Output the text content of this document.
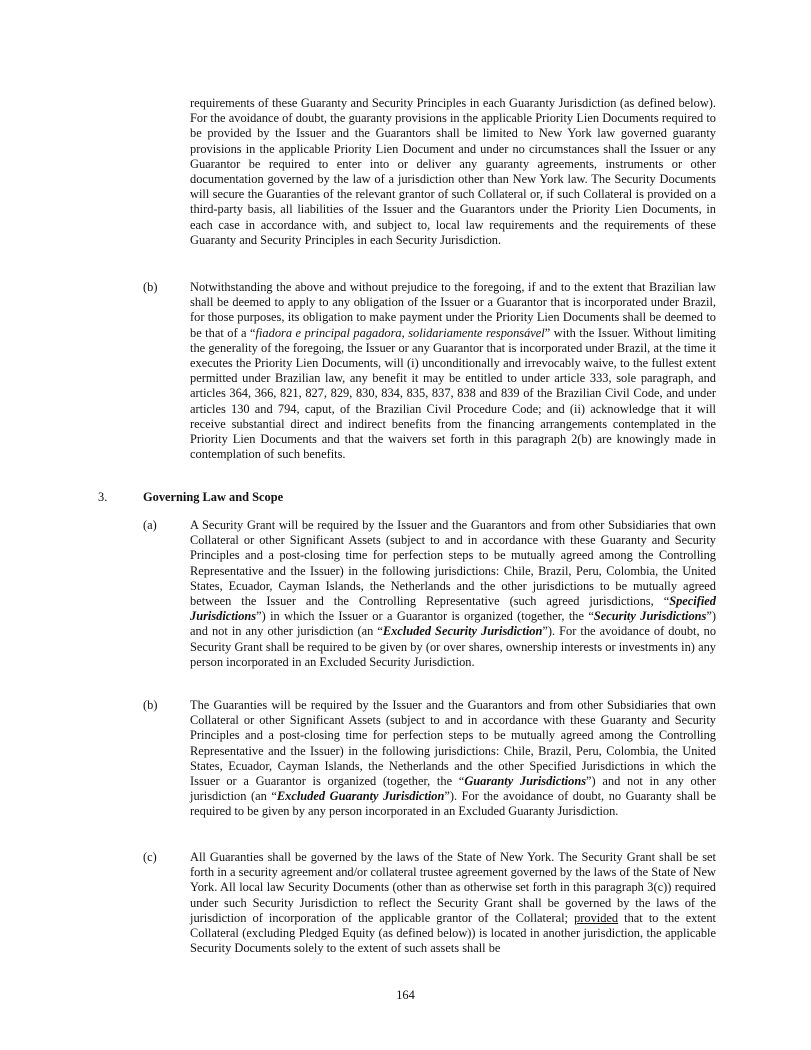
requirements of these Guaranty and Security Principles in each Guaranty Jurisdiction (as defined below). For the avoidance of doubt, the guaranty provisions in the applicable Priority Lien Documents required to be provided by the Issuer and the Guarantors shall be limited to New York law governed guaranty provisions in the applicable Priority Lien Document and under no circumstances shall the Issuer or any Guarantor be required to enter into or deliver any guaranty agreements, instruments or other documentation governed by the law of a jurisdiction other than New York law. The Security Documents will secure the Guaranties of the relevant grantor of such Collateral or, if such Collateral is provided on a third-party basis, all liabilities of the Issuer and the Guarantors under the Priority Lien Documents, in each case in accordance with, and subject to, local law requirements and the requirements of these Guaranty and Security Principles in each Security Jurisdiction.

(b)	Notwithstanding the above and without prejudice to the foregoing, if and to the extent that Brazilian law shall be deemed to apply to any obligation of the Issuer or a Guarantor that is incorporated under Brazil, for those purposes, its obligation to make payment under the Priority Lien Documents shall be deemed to be that of a “fiadora e principal pagadora, solidariamente responsável” with the Issuer. Without limiting the generality of the foregoing, the Issuer or any Guarantor that is incorporated under Brazil, at the time it executes the Priority Lien Documents, will (i) unconditionally and irrevocably waive, to the fullest extent permitted under Brazilian law, any benefit it may be entitled to under article 333, sole paragraph, and articles 364, 366, 821, 827, 829, 830, 834, 835, 837, 838 and 839 of the Brazilian Civil Code, and under articles 130 and 794, caput, of the Brazilian Civil Procedure Code; and (ii) acknowledge that it will receive substantial direct and indirect benefits from the financing arrangements contemplated in the Priority Lien Documents and that the waivers set forth in this paragraph 2(b) are knowingly made in contemplation of such benefits.

3.	Governing Law and Scope

(a)	A Security Grant will be required by the Issuer and the Guarantors and from other Subsidiaries that own Collateral or other Significant Assets (subject to and in accordance with these Guaranty and Security Principles and a post-closing time for perfection steps to be mutually agreed among the Controlling Representative and the Issuer) in the following jurisdictions: Chile, Brazil, Peru, Colombia, the United States, Ecuador, Cayman Islands, the Netherlands and the other jurisdictions to be mutually agreed between the Issuer and the Controlling Representative (such agreed jurisdictions, “Specified Jurisdictions”) in which the Issuer or a Guarantor is organized (together, the “Security Jurisdictions”) and not in any other jurisdiction (an “Excluded Security Jurisdiction”). For the avoidance of doubt, no Security Grant shall be required to be given by (or over shares, ownership interests or investments in) any person incorporated in an Excluded Security Jurisdiction.

(b)	The Guaranties will be required by the Issuer and the Guarantors and from other Subsidiaries that own Collateral or other Significant Assets (subject to and in accordance with these Guaranty and Security Principles and a post-closing time for perfection steps to be mutually agreed among the Controlling Representative and the Issuer) in the following jurisdictions: Chile, Brazil, Peru, Colombia, the United States, Ecuador, Cayman Islands, the Netherlands and the other Specified Jurisdictions in which the Issuer or a Guarantor is organized (together, the “Guaranty Jurisdictions”) and not in any other jurisdiction (an “Excluded Guaranty Jurisdiction”). For the avoidance of doubt, no Guaranty shall be required to be given by any person incorporated in an Excluded Guaranty Jurisdiction.

(c)	All Guaranties shall be governed by the laws of the State of New York. The Security Grant shall be set forth in a security agreement and/or collateral trustee agreement governed by the laws of the State of New York. All local law Security Documents (other than as otherwise set forth in this paragraph 3(c)) required under such Security Jurisdiction to reflect the Security Grant shall be governed by the laws of the jurisdiction of incorporation of the applicable grantor of the Collateral; provided that to the extent Collateral (excluding Pledged Equity (as defined below)) is located in another jurisdiction, the applicable Security Documents solely to the extent of such assets shall be

164
